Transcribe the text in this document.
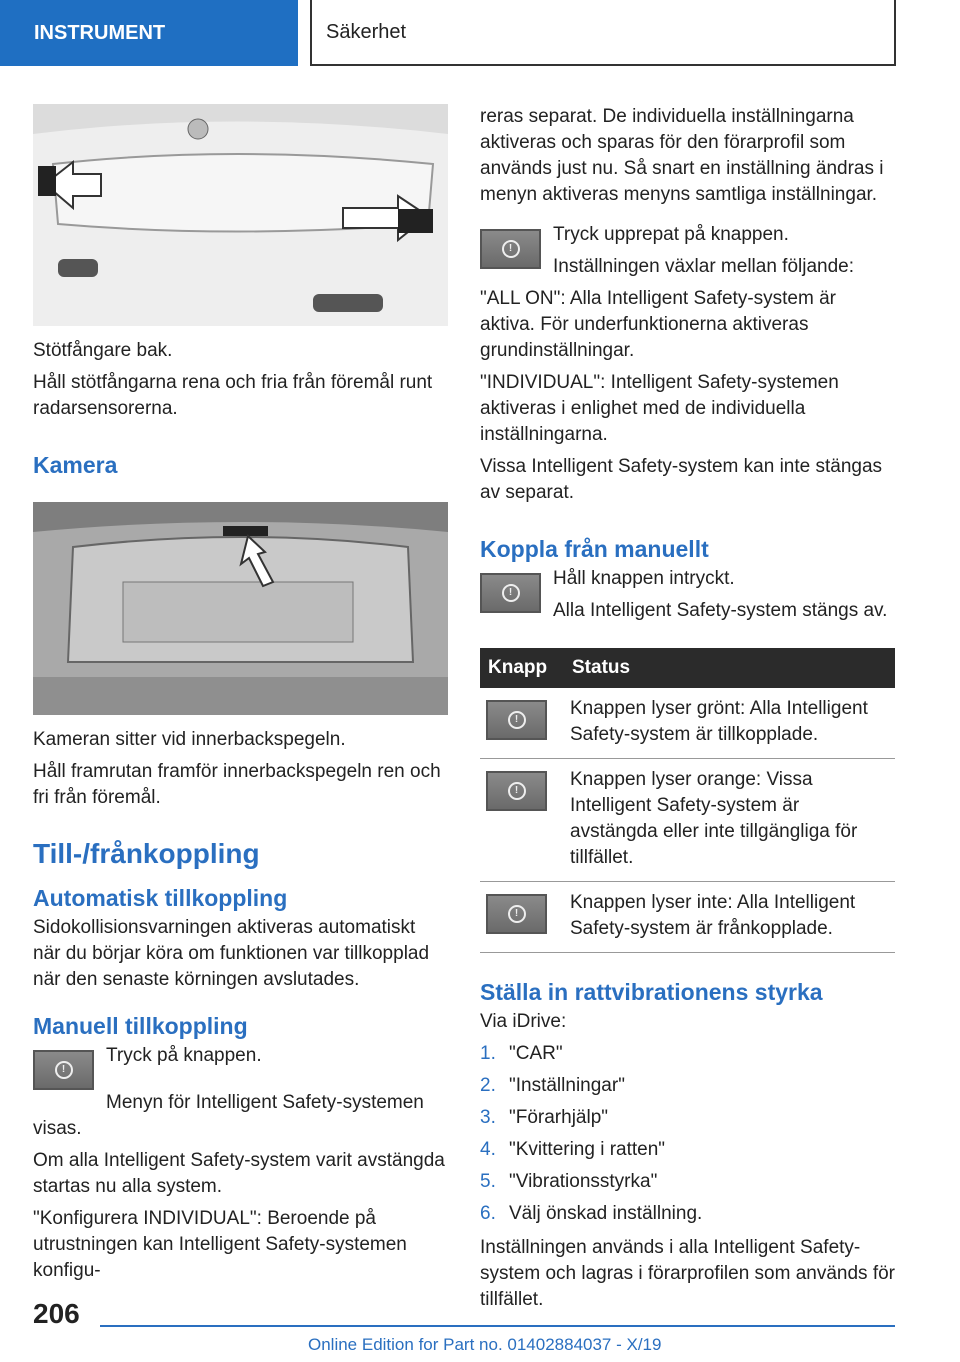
INSTRUMENT	Säkerhet

Stötfångare bak.

Håll stötfångarna rena och fria från föremål runt radarsensorerna.

Kamera

Kameran sitter vid innerbackspegeln.

Håll framrutan framför innerbackspegeln ren och fri från föremål.

Till-/frånkoppling
Automatisk tillkoppling

Sidokollisionsvarningen aktiveras automatiskt när du börjar köra om funktionen var tillkopplad när den senaste körningen avslutades.

Manuell tillkoppling
!

Tryck på knappen.

Menyn för Intelligent Safety-systemen visas.

Om alla Intelligent Safety-system varit avstängda startas nu alla system.

"Konfigurera INDIVIDUAL": Beroende på utrustningen kan Intelligent Safety-systemen konfigu-

reras separat. De individuella inställningarna aktiveras och sparas för den förarprofil som används just nu. Så snart en inställning ändras i menyn aktiveras menyns samtliga inställningar.

!

Tryck upprepat på knappen.

Inställningen växlar mellan följande:

"ALL ON": Alla Intelligent Safety-system är aktiva. För underfunktionerna aktiveras grundinställningar.

"INDIVIDUAL": Intelligent Safety-systemen aktiveras i enlighet med de individuella inställningarna.

Vissa Intelligent Safety-system kan inte stängas av separat.

Koppla från manuellt
!

Håll knappen intryckt.

Alla Intelligent Safety-system stängs av.

Knapp	Status

!	Knappen lyser grönt: Alla Intelligent Safety-system är tillkopplade.

!	Knappen lyser orange: Vissa Intelligent Safety-system är avstängda eller inte tillgängliga för tillfället.

!	Knappen lyser inte: Alla Intelligent Safety-system är frånkopplade.
Ställa in rattvibrationens styrka

Via iDrive:

1. "CAR"
2. "Inställningar"
3. "Förarhjälp"
4. "Kvittering i ratten"
5. "Vibrationsstyrka"
6. Välj önskad inställning.

Inställningen används i alla Intelligent Safety-system och lagras i förarprofilen som används för tillfället.

206
Online Edition for Part no. 01402884037 - X/19
